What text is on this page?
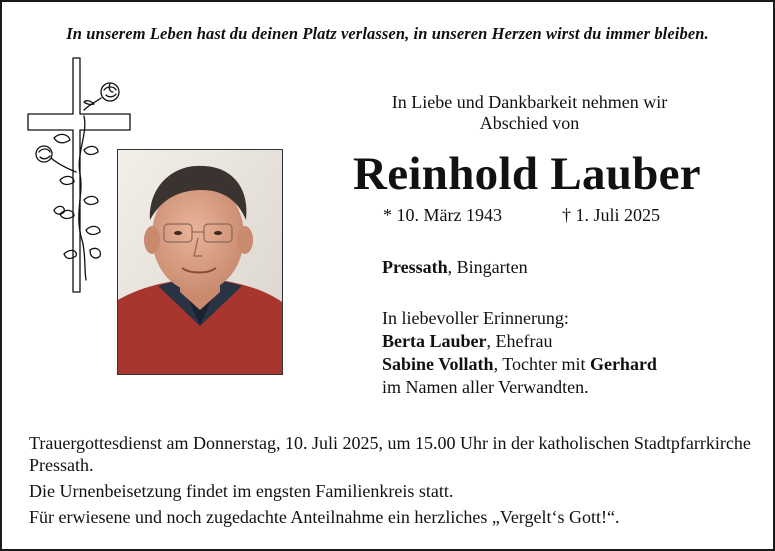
In unserem Leben hast du deinen Platz verlassen, in unseren Herzen wirst du immer bleiben.
In Liebe und Dankbarkeit nehmen wir
Abschied von
Reinhold Lauber
* 10. März 1943	† 1. Juli 2025
Pressath, Bingarten
In liebevoller Erinnerung:
Berta Lauber, Ehefrau
Sabine Vollath, Tochter mit Gerhard
im Namen aller Verwandten.
Trauergottesdienst am Donnerstag, 10. Juli 2025, um 15.00 Uhr in der katholischen Stadtpfarrkirche Pressath.
Die Urnenbeisetzung findet im engsten Familienkreis statt.
Für erwiesene und noch zugedachte Anteilnahme ein herzliches „Vergelt‘s Gott!“.
